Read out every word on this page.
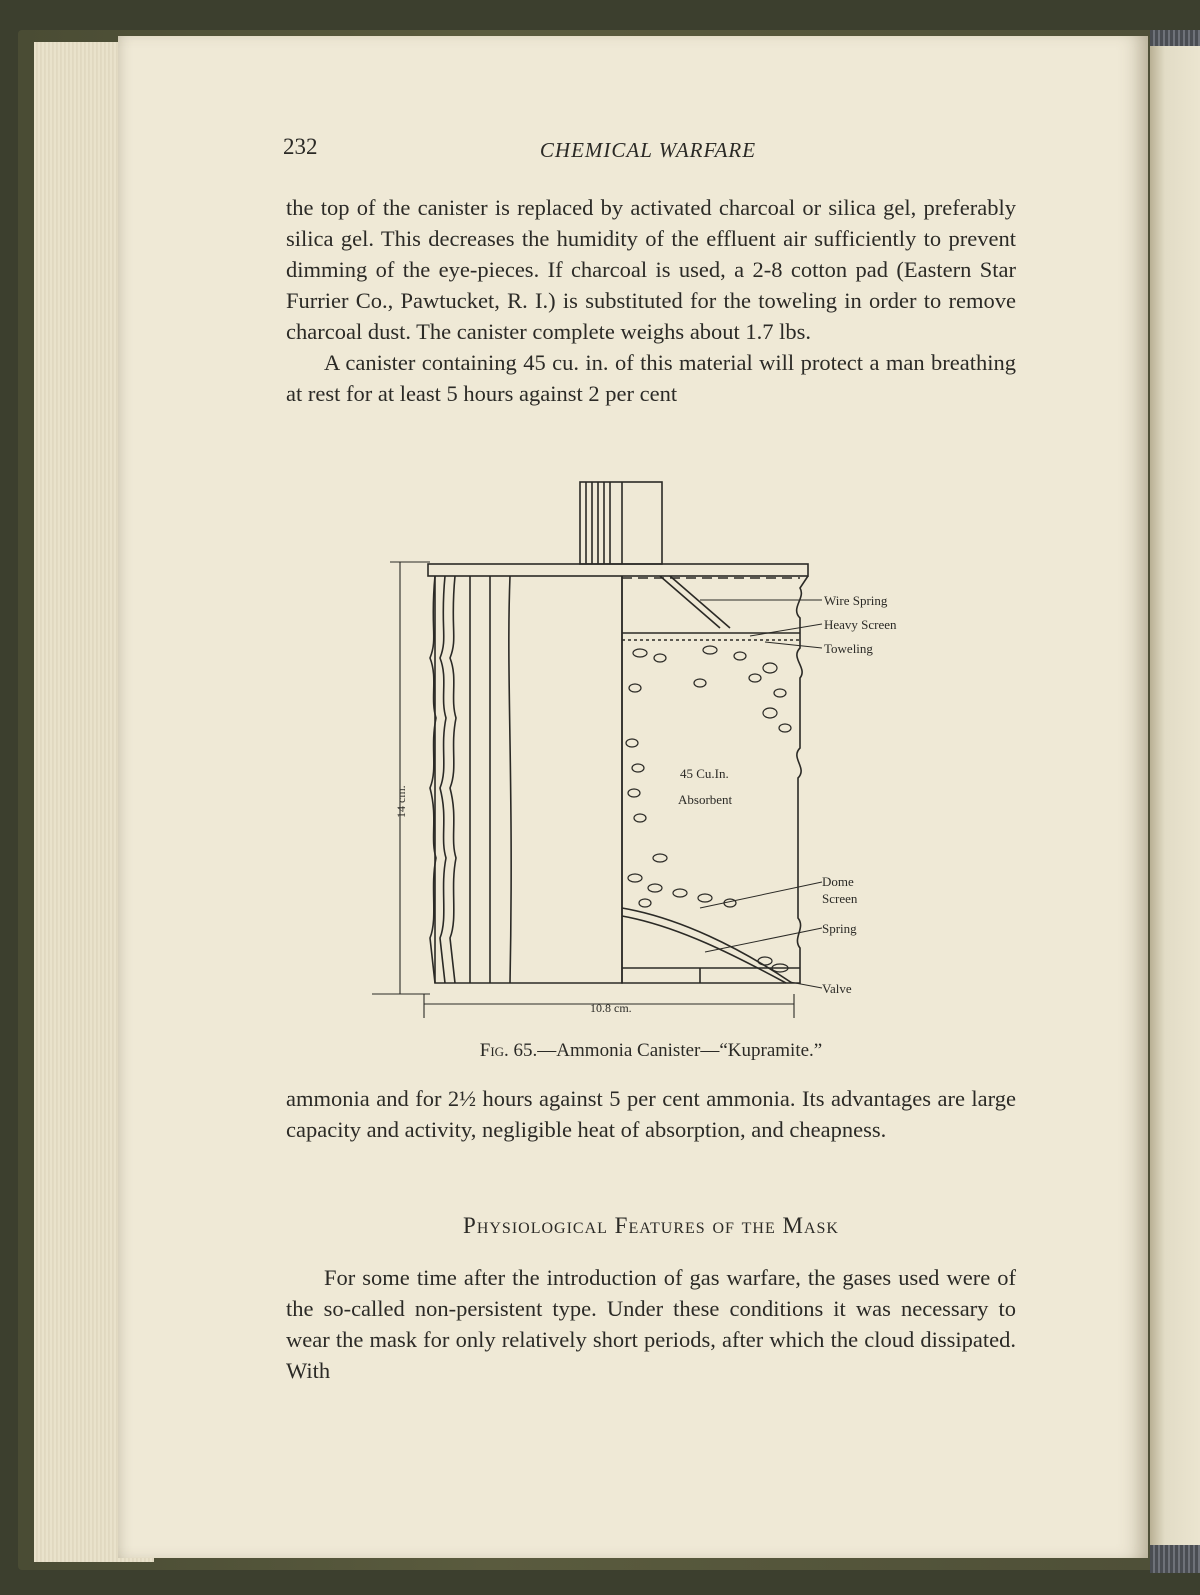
232	CHEMICAL WARFARE

the top of the canister is replaced by activated charcoal or silica gel, preferably silica gel. This decreases the humidity of the effluent air sufficiently to prevent dimming of the eye-pieces. If charcoal is used, a 2-8 cotton pad (Eastern Star Furrier Co., Pawtucket, R. I.) is substituted for the toweling in order to remove charcoal dust. The canister complete weighs about 1.7 lbs.

A canister containing 45 cu. in. of this material will protect a man breathing at rest for at least 5 hours against 2 per cent

Wire Spring
Heavy Screen
Toweling
45 Cu.In.
Absorbent
Dome
Screen
Spring
Valve
10.8 cm.
14 cm.
Fig. 65.—Ammonia Canister—“Kupramite.”

ammonia and for 2½ hours against 5 per cent ammonia. Its advantages are large capacity and activity, negligible heat of absorption, and cheapness.

Physiological Features of the Mask

For some time after the introduction of gas warfare, the gases used were of the so-called non-persistent type. Under these conditions it was necessary to wear the mask for only relatively short periods, after which the cloud dissipated. With
